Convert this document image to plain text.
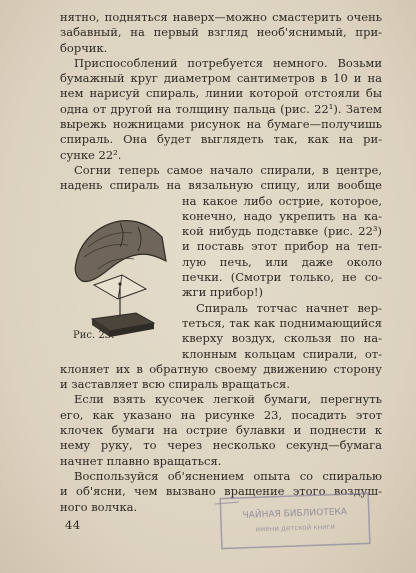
нятно, подняться наверх—можно смастерить очень
забавный, на первый взгляд необ'яснимый, при-
борчик.
Приспособлений потребуется немного. Возьми
бумажный круг диаметром сантиметров в 10 и на
нем нарисуй спираль, линии которой отстояли бы
одна от другой на толщину пальца (рис. 22¹). Затем
вырежь ножницами рисунок на бумаге—получишь
спираль. Она будет выглядеть так, как на ри-
сунке 22².
Согни теперь самое начало спирали, в центре,
надень спираль на вязальную спицу, или вообще
на какое либо острие, которое,
конечно, надо укрепить на ка-
кой нибудь подставке (рис. 22³)
и поставь этот прибор на теп-
лую печь, или даже около
печки. (Смотри только, не со-
жги прибор!)
Спираль тотчас начнет вер-
теться, так как поднимающийся
кверху воздух, скользя по на-
клонным кольцам спирали, от-
клоняет их в обратную своему движению сторону
и заставляет всю спираль вращаться.
Если взять кусочек легкой бумаги, перегнуть
его, как указано на рисунке 23, посадить этот
клочек бумаги на острие булавки и поднести к
нему руку, то через несколько секунд—бумага
начнет плавно вращаться.
Воспользуйся об'яснением опыта со спиралью
и об'ясни, чем вызвано вращение этого воздуш-
ного волчка.
Рис. 23.
44
ЧАЙНАЯ БИБЛИОТЕКА
имени детской книги
